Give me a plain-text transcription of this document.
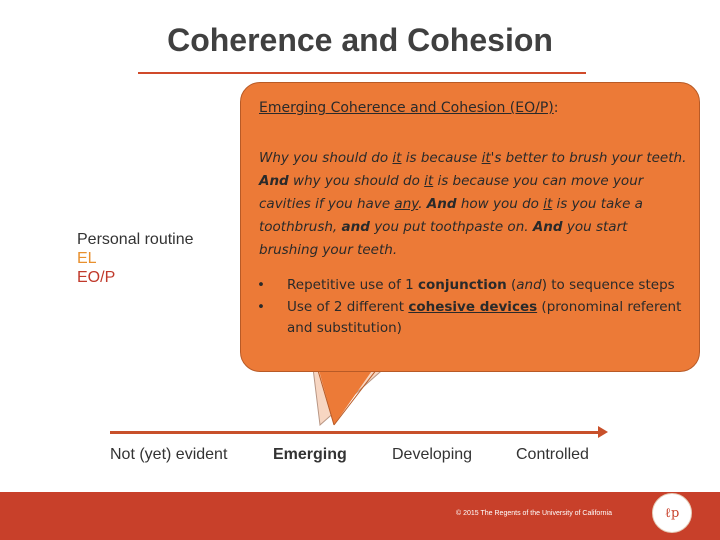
Coherence and Cohesion
Personal routine
EL
EO/P
Emerging Coherence and Cohesion (EO/P):
Why you should do it is because it's better to brush your teeth. And why you should do it is because you can move your cavities if you have any. And how you do it is you take a toothbrush, and you put toothpaste on. And you start brushing your teeth.
•	Repetitive use of 1 conjunction (and) to sequence steps
•	Use of 2 different cohesive devices (pronominal referent and substitution)
Not (yet) evident	Emerging	Developing	Controlled
© 2015 The Regents of the University of California	ℓp
